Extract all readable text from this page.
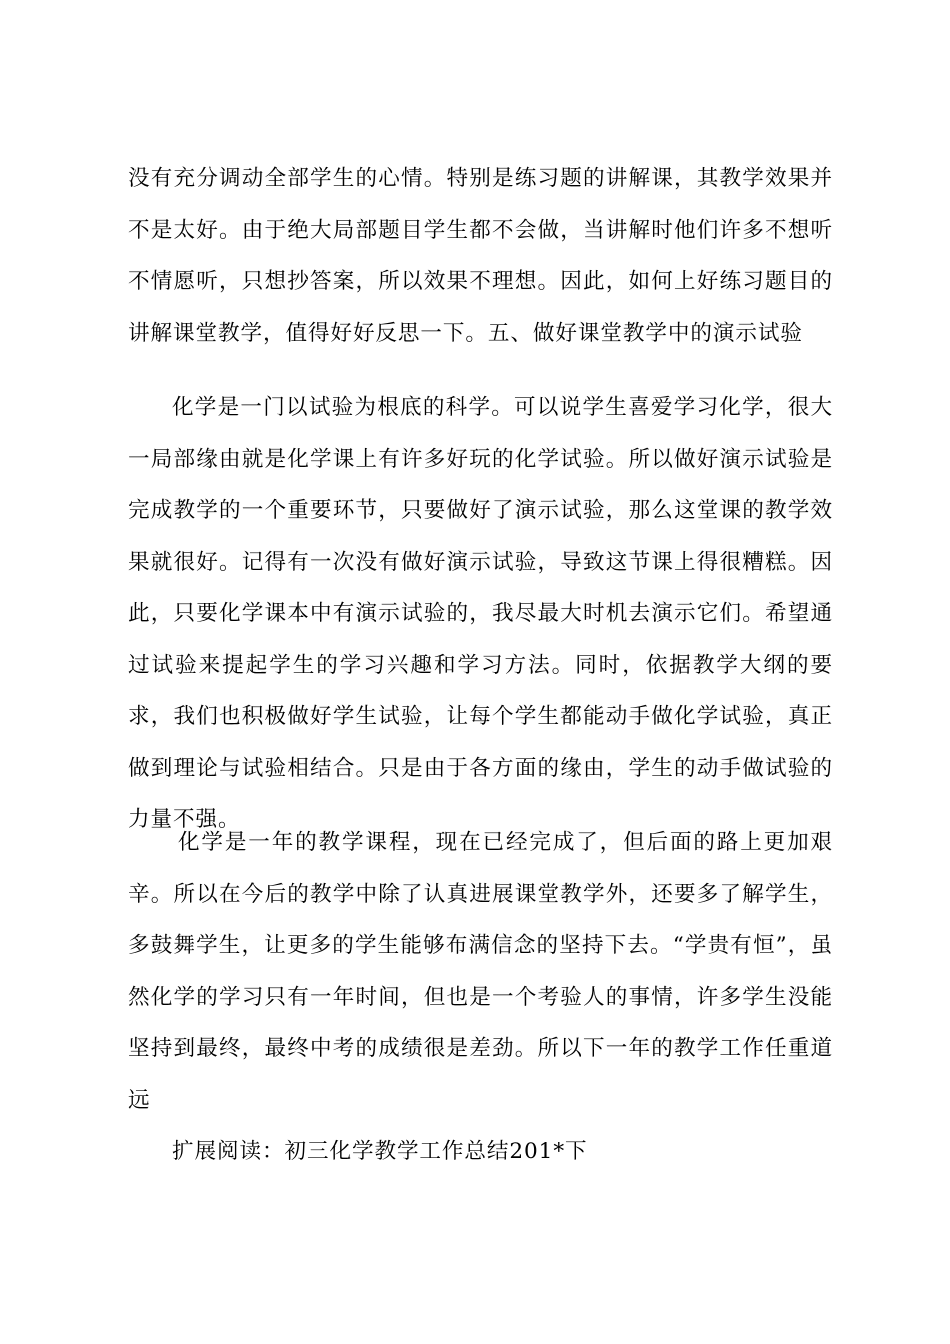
没有充分调动全部学生的心情。特别是练习题的讲解课，其教学效果并不是太好。由于绝大局部题目学生都不会做，当讲解时他们许多不想听不情愿听，只想抄答案，所以效果不理想。因此，如何上好练习题目的讲解课堂教学，值得好好反思一下。五、做好课堂教学中的演示试验

化学是一门以试验为根底的科学。可以说学生喜爱学习化学，很大一局部缘由就是化学课上有许多好玩的化学试验。所以做好演示试验是完成教学的一个重要环节，只要做好了演示试验，那么这堂课的教学效果就很好。记得有一次没有做好演示试验，导致这节课上得很糟糕。因此，只要化学课本中有演示试验的，我尽最大时机去演示它们。希望通过试验来提起学生的学习兴趣和学习方法。同时，依据教学大纲的要求，我们也积极做好学生试验，让每个学生都能动手做化学试验，真正做到理论与试验相结合。只是由于各方面的缘由，学生的动手做试验的力量不强。

化学是一年的教学课程，现在已经完成了，但后面的路上更加艰辛。所以在今后的教学中除了认真进展课堂教学外，还要多了解学生，多鼓舞学生，让更多的学生能够布满信念的坚持下去。“学贵有恒”，虽然化学的学习只有一年时间，但也是一个考验人的事情，许多学生没能坚持到最终，最终中考的成绩很是差劲。所以下一年的教学工作任重道远

扩展阅读：初三化学教学工作总结201*下
